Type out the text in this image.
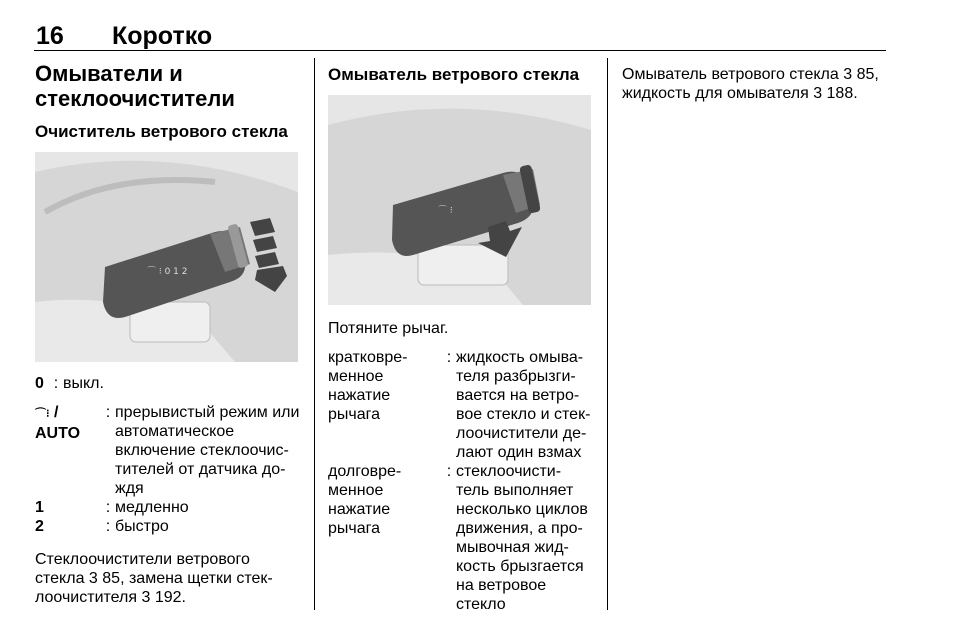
16 Коротко
Омыватели и стеклоочистители
Очиститель ветрового стекла
⌒ ⁝ 0 1 2
0 : выкл.
⌒⁝ / AUTO
: прерывистый режим или автоматическое включение стеклоочис-тителей от датчика до-ждя
1	: медленно
2	: быстро

Стеклоочистители ветрового стекла 3 85, замена щетки стек-лоочистителя 3 192.

Омыватель ветрового стекла
⌒ ⁝

Потяните рычаг.

кратковре-менное нажатие рычага
: жидкость омыва-теля разбрызги-вается на ветро-вое стекло и стек-лоочистители де-лают один взмах
долговре-менное нажатие рычага
: стеклоочисти-тель выполняет несколько циклов движения, а про-мывочная жид-кость брызгается на ветровое стекло

Омыватель ветрового стекла 3 85, жидкость для омывателя 3 188.
